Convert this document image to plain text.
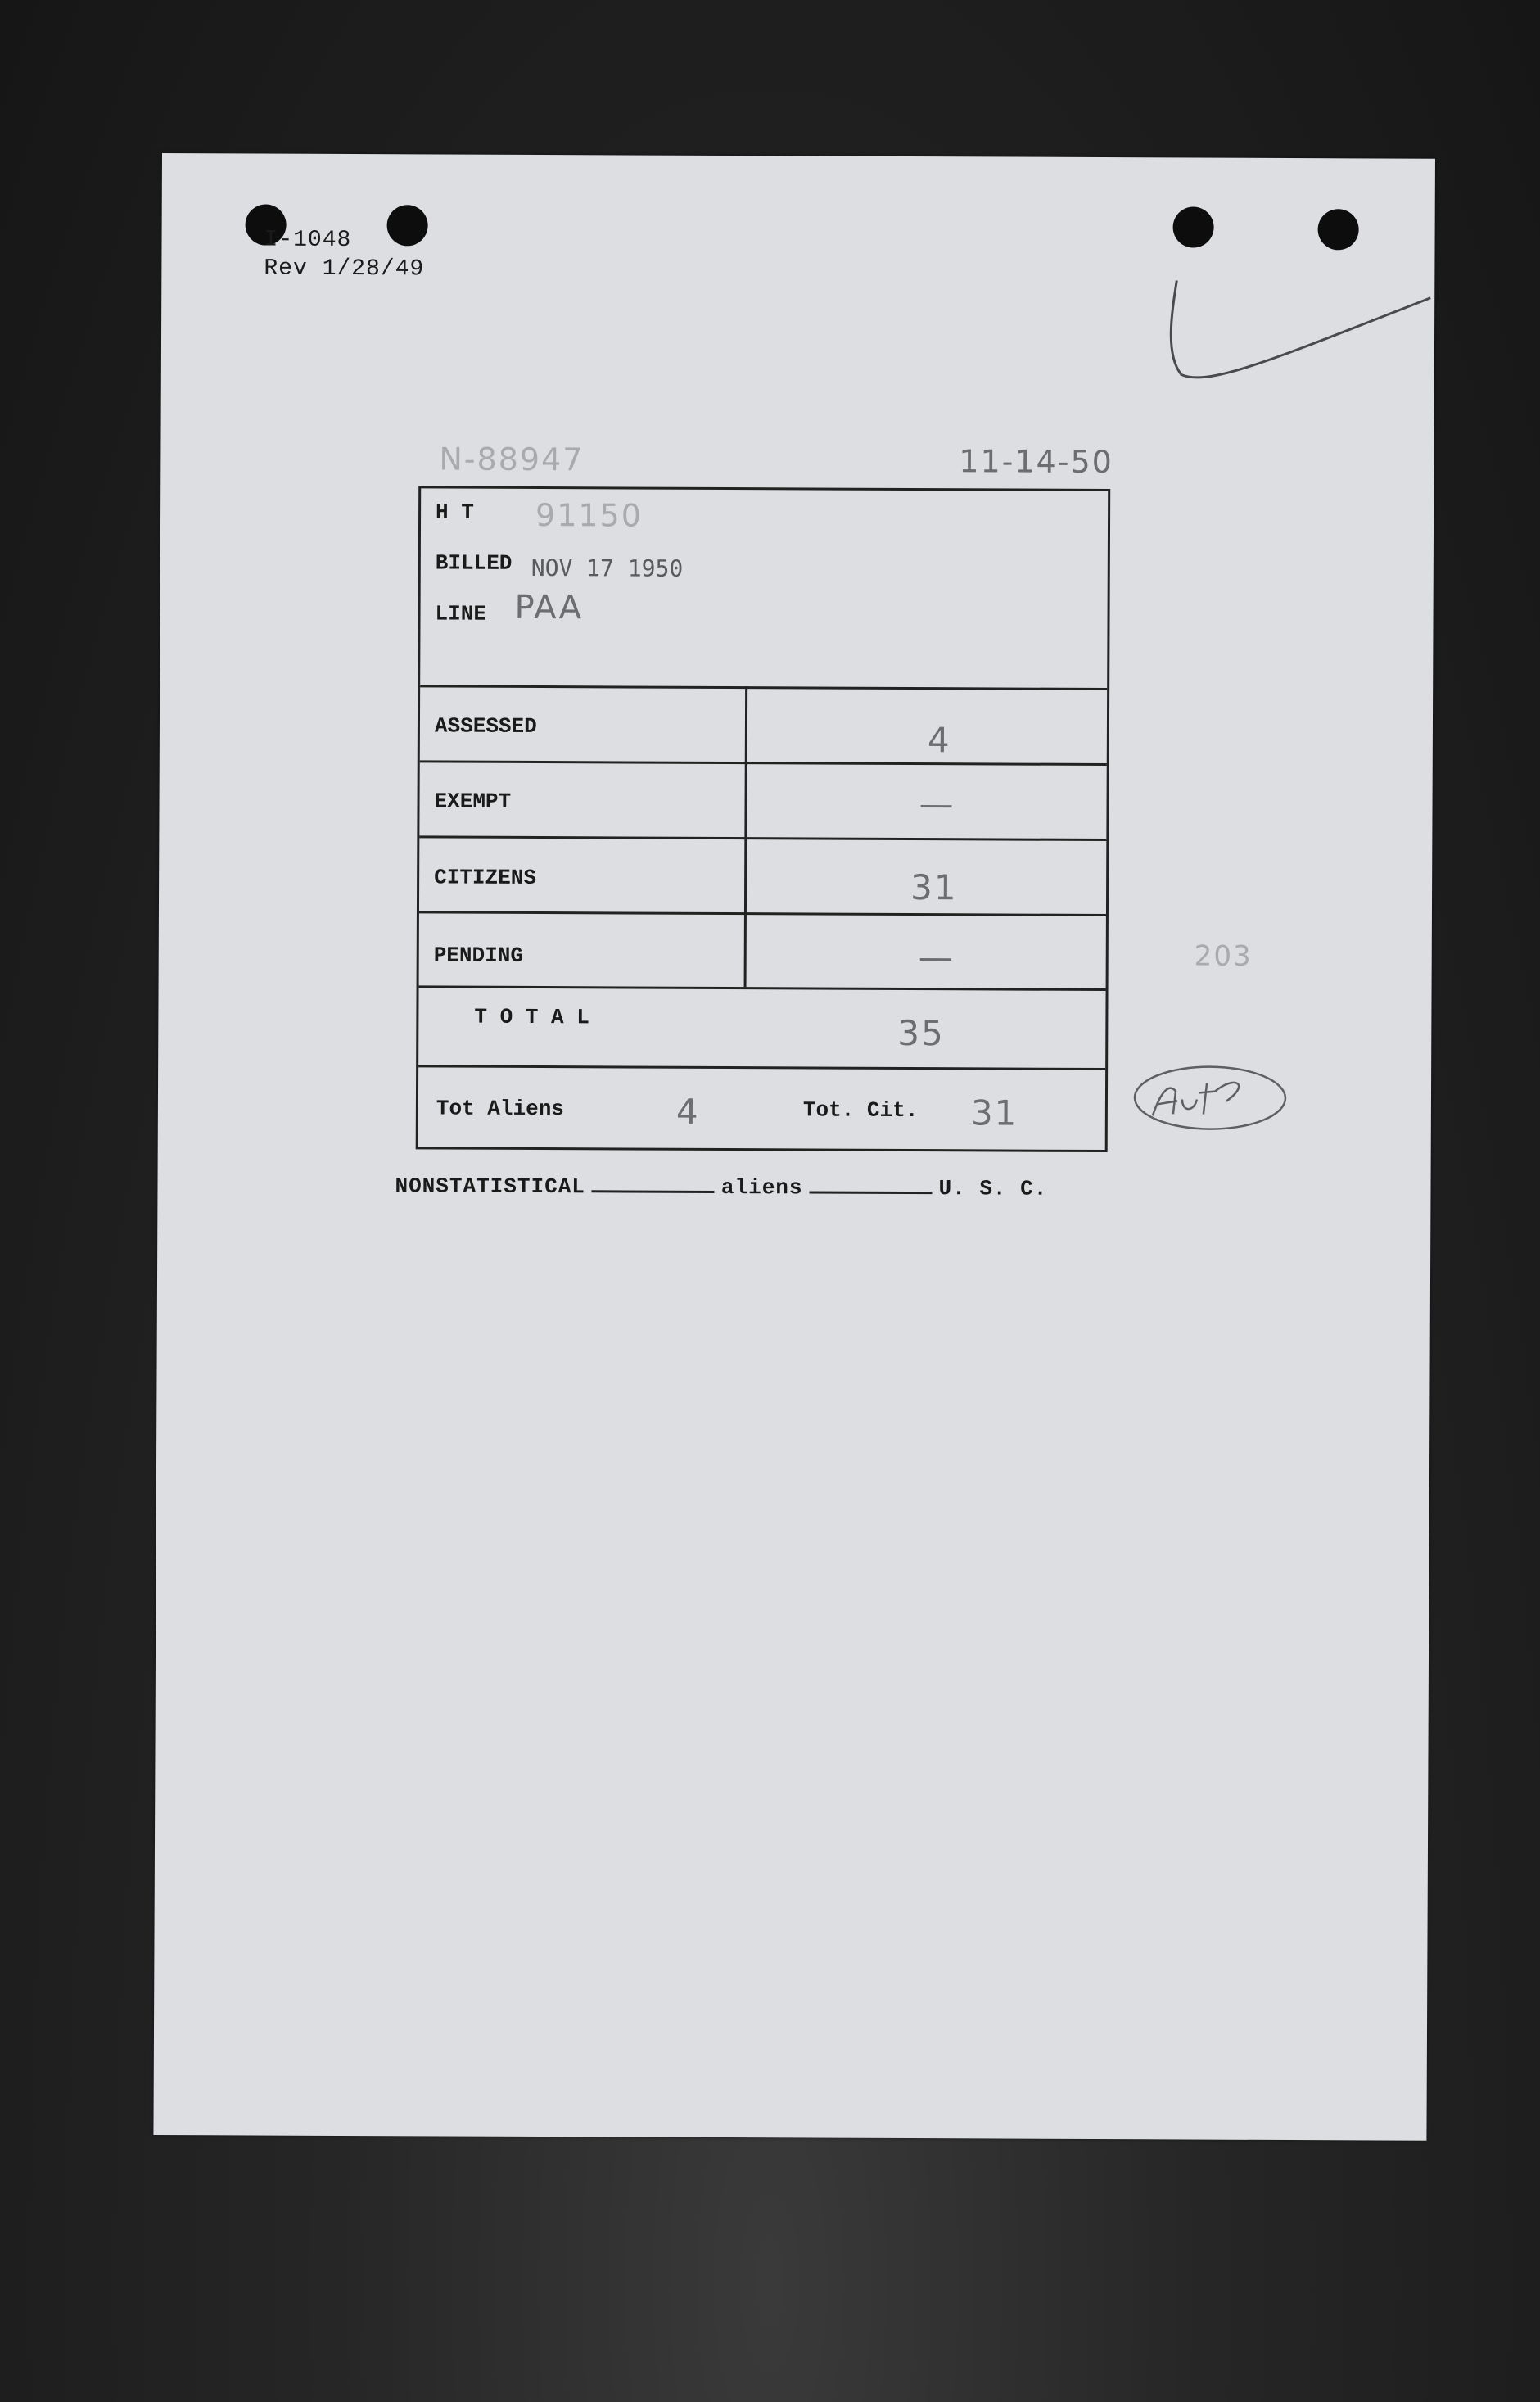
I-1048
Rev 1/28/49
N-88947	11-14-50
H T 91150
BILLED NOV 17 1950
LINE PAA
ASSESSED	4
EXEMPT	—
CITIZENS	31
PENDING	—
T O T A L	35
Tot Aliens	4	Tot. Cit. 31
203
NONSTATISTICAL	aliens	U. S. C.
